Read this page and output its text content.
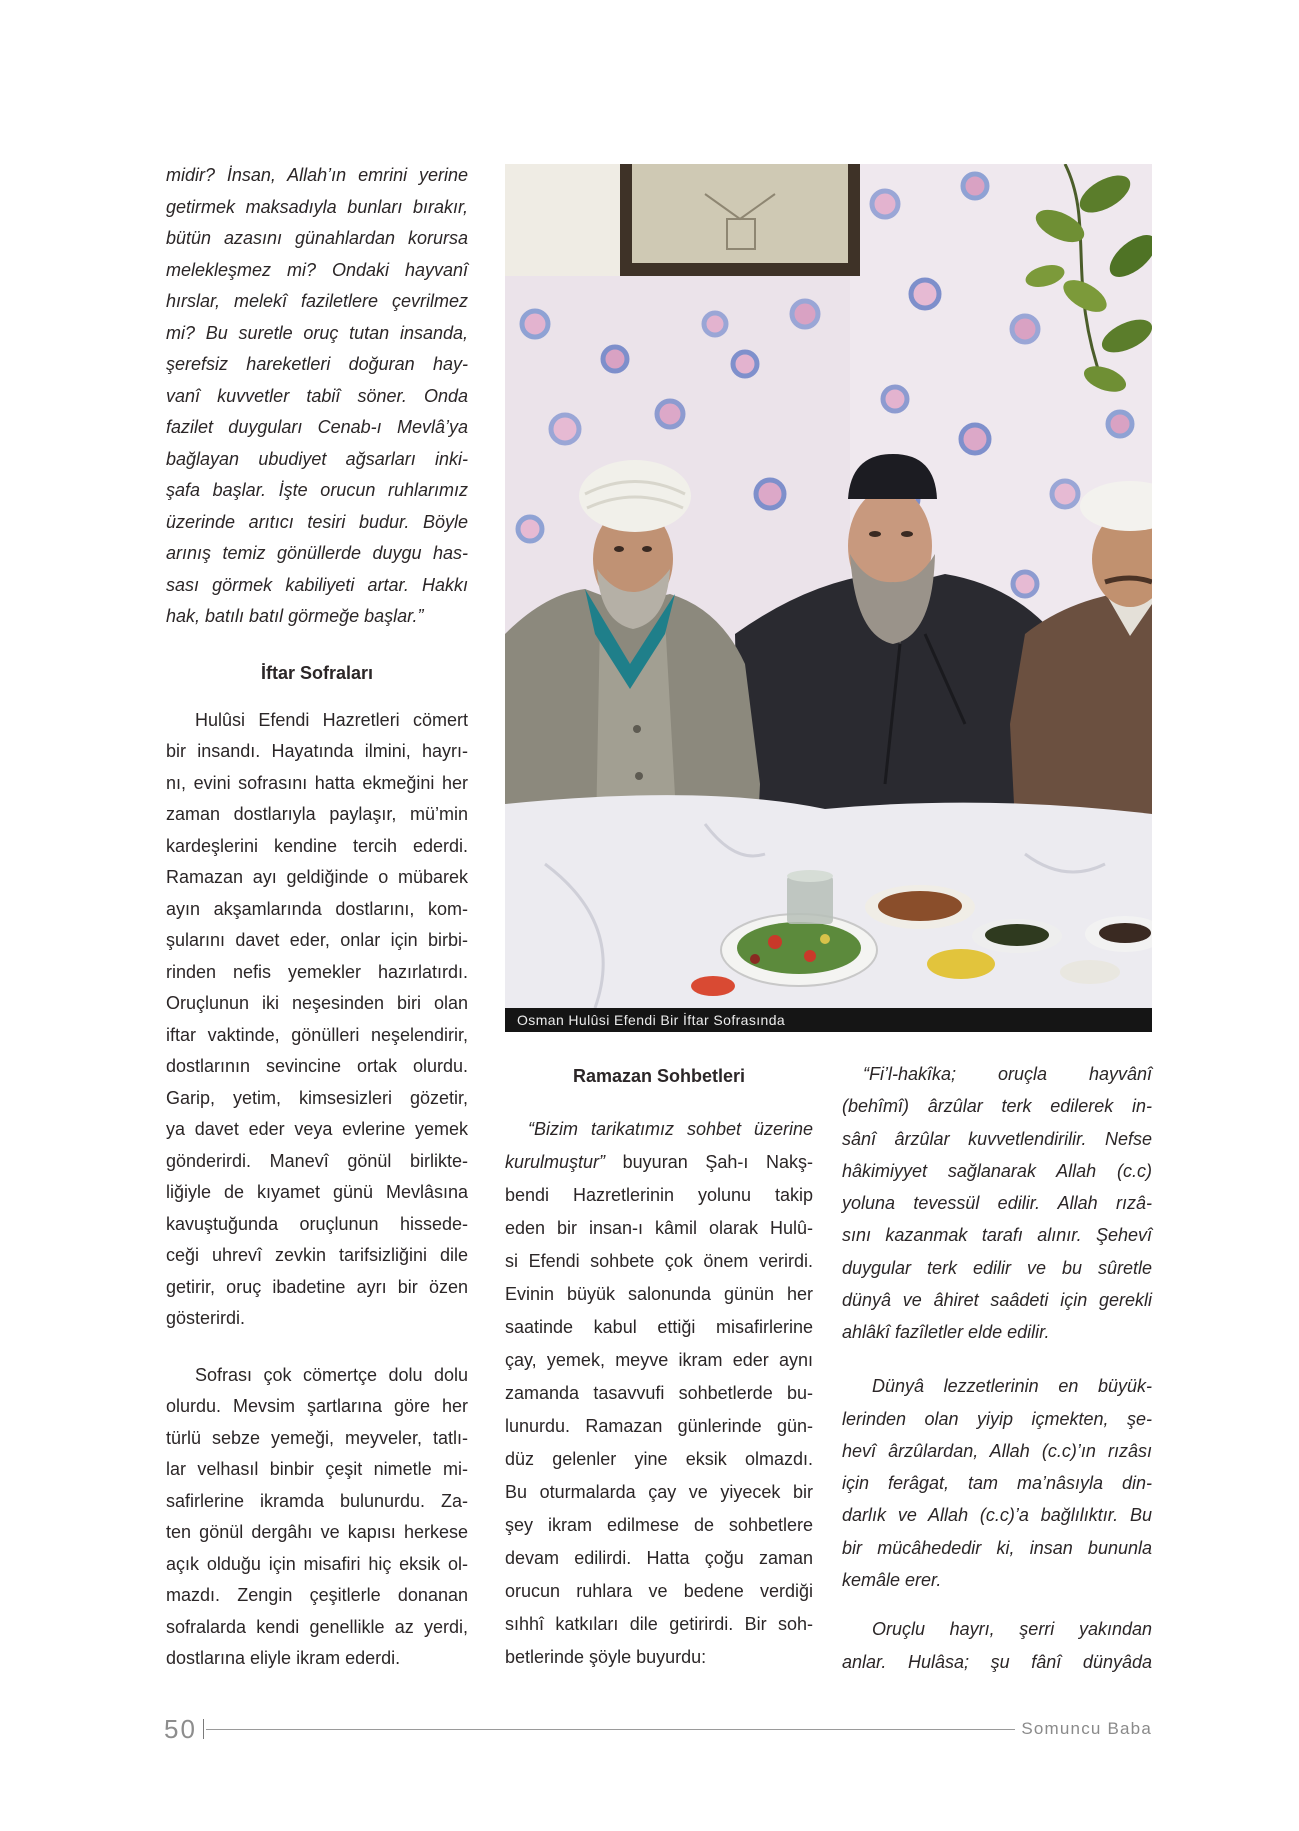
midir? İnsan, Allah’ın emrini yerine
getirmek maksadıyla bunları bırakır,
bütün azasını günahlardan korursa
melekleşmez mi? Ondaki hayvanî
hırslar, melekî faziletlere çevrilmez
mi? Bu suretle oruç tutan insanda,
şerefsiz hareketleri doğuran hay-
vanî kuvvetler tabiî söner. Onda
fazilet duyguları Cenab-ı Mevlâ’ya
bağlayan ubudiyet ağsarları inki-
şafa başlar. İşte orucun ruhlarımız
üzerinde arıtıcı tesiri budur. Böyle
arınış temiz gönüllerde duygu has-
sası görmek kabiliyeti artar. Hakkı
hak, batılı batıl görmeğe başlar.”
İftar Sofraları
Hulûsi Efendi Hazretleri cömert
bir insandı. Hayatında ilmini, hayrı-
nı, evini sofrasını hatta ekmeğini her
zaman dostlarıyla paylaşır, mü’min
kardeşlerini kendine tercih ederdi.
Ramazan ayı geldiğinde o mübarek
ayın akşamlarında dostlarını, kom-
şularını davet eder, onlar için birbi-
rinden nefis yemekler hazırlatırdı.
Oruçlunun iki neşesinden biri olan
iftar vaktinde, gönülleri neşelendirir,
dostlarının sevincine ortak olurdu.
Garip, yetim, kimsesizleri gözetir,
ya davet eder veya evlerine yemek
gönderirdi. Manevî gönül birlikte-
liğiyle de kıyamet günü Mevlâsına
kavuştuğunda oruçlunun hissede-
ceği uhrevî zevkin tarifsizliğini dile
getirir, oruç ibadetine ayrı bir özen
gösterirdi.
Sofrası çok cömertçe dolu dolu
olurdu. Mevsim şartlarına göre her
türlü sebze yemeği, meyveler, tatlı-
lar velhasıl binbir çeşit nimetle mi-
safirlerine ikramda bulunurdu. Za-
ten gönül dergâhı ve kapısı herkese
açık olduğu için misafiri hiç eksik ol-
mazdı. Zengin çeşitlerle donanan
sofralarda kendi genellikle az yerdi,
dostlarına eliyle ikram ederdi.
Osman Hulûsi Efendi Bir İftar Sofrasında
Ramazan Sohbetleri
“Bizim tarikatımız sohbet üzerine
kurulmuştur” buyuran Şah-ı Nakş-
bendi Hazretlerinin yolunu takip
eden bir insan-ı kâmil olarak Hulû-
si Efendi sohbete çok önem verirdi.
Evinin büyük salonunda günün her
saatinde kabul ettiği misafirlerine
çay, yemek, meyve ikram eder aynı
zamanda tasavvufi sohbetlerde bu-
lunurdu. Ramazan günlerinde gün-
düz gelenler yine eksik olmazdı.
Bu oturmalarda çay ve yiyecek bir
şey ikram edilmese de sohbetlere
devam edilirdi. Hatta çoğu zaman
orucun ruhlara ve bedene verdiği
sıhhî katkıları dile getirirdi. Bir soh-
betlerinde şöyle buyurdu:
“Fi’l-hakîka; oruçla hayvânî
(behîmî) ârzûlar terk edilerek in-
sânî ârzûlar kuvvetlendirilir. Nefse
hâkimiyyet sağlanarak Allah (c.c)
yoluna tevessül edilir. Allah rızâ-
sını kazanmak tarafı alınır. Şehevî
duygular terk edilir ve bu sûretle
dünyâ ve âhiret saâdeti için gerekli
ahlâkî fazîletler elde edilir.
Dünyâ lezzetlerinin en büyük-
lerinden olan yiyip içmekten, şe-
hevî ârzûlardan, Allah (c.c)’ın rızâsı
için ferâgat, tam ma’nâsıyla din-
darlık ve Allah (c.c)’a bağlılıktır. Bu
bir mücâhededir ki, insan bununla
kemâle erer.
Oruçlu hayrı, şerri yakından
anlar. Hulâsa; şu fânî dünyâda
50	Somuncu Baba
